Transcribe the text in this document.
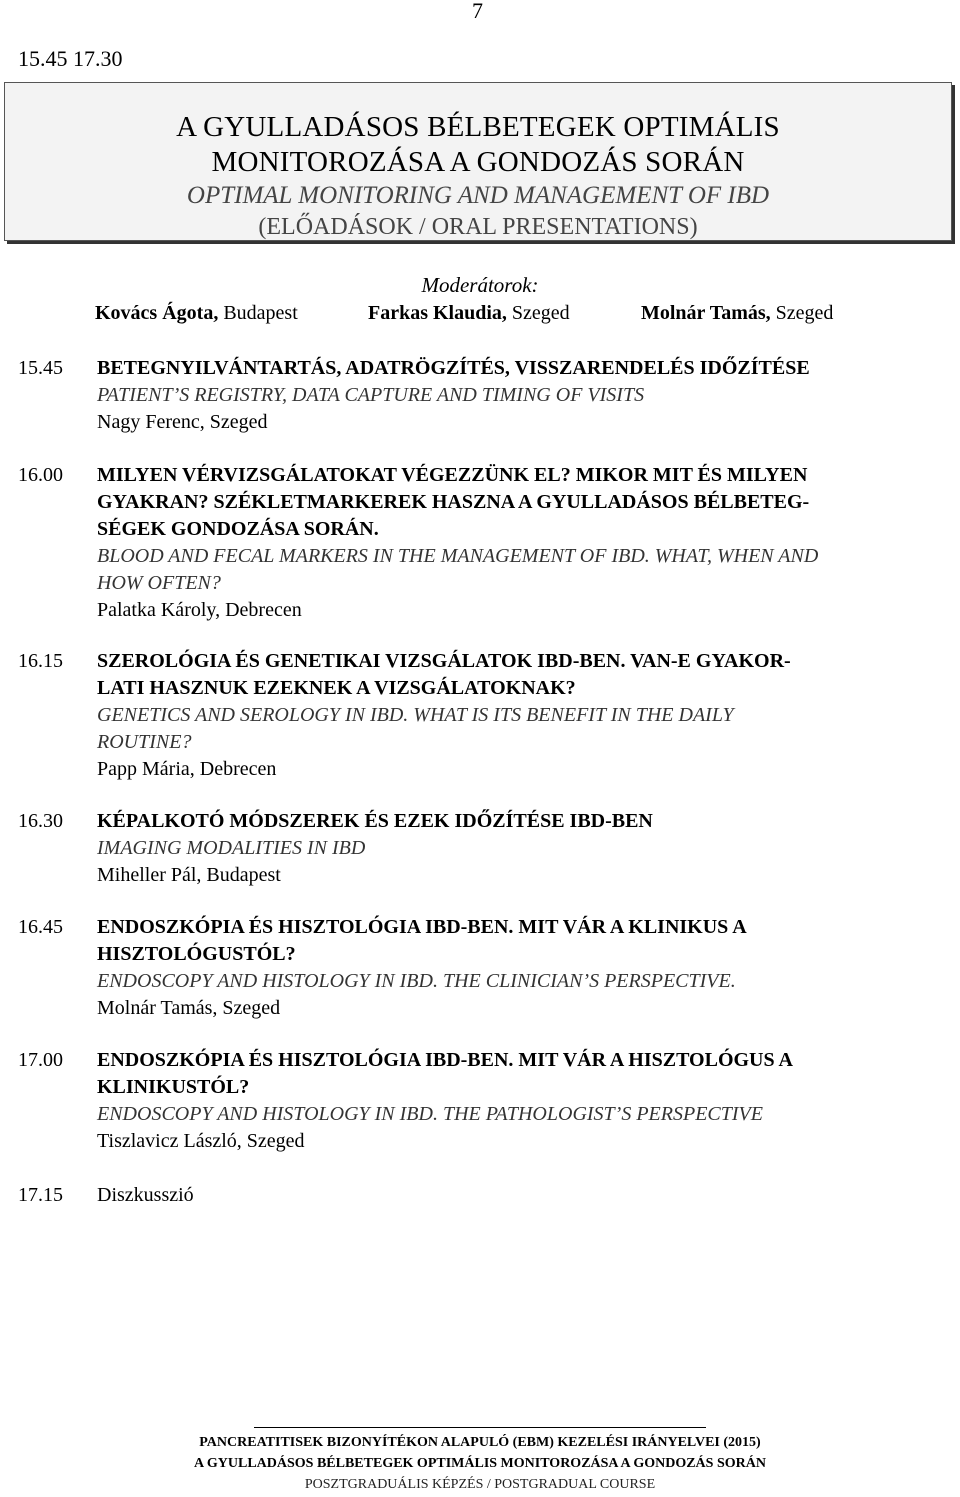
7
15.45 17.30
A GYULLADÁSOS BÉLBETEGEK OPTIMÁLIS
MONITOROZÁSA A GONDOZÁS SORÁN
OPTIMAL MONITORING AND MANAGEMENT OF IBD
(ELŐADÁSOK / ORAL PRESENTATIONS)
Moderátorok:
Kovács Ágota, Budapest	Farkas Klaudia, Szeged	Molnár Tamás, Szeged
15.45 BETEGNYILVÁNTARTÁS, ADATRÖGZÍTÉS, VISSZARENDELÉS IDŐZÍTÉSE
PATIENT’S REGISTRY, DATA CAPTURE AND TIMING OF VISITS
Nagy Ferenc, Szeged
16.00 MILYEN VÉRVIZSGÁLATOKAT VÉGEZZÜNK EL? MIKOR MIT ÉS MILYEN
GYAKRAN? SZÉKLETMARKEREK HASZNA A GYULLADÁSOS BÉLBETEG-
SÉGEK GONDOZÁSA SORÁN.
BLOOD AND FECAL MARKERS IN THE MANAGEMENT OF IBD. WHAT, WHEN AND
HOW OFTEN?
Palatka Károly, Debrecen
16.15 SZEROLÓGIA ÉS GENETIKAI VIZSGÁLATOK IBD-BEN. VAN-E GYAKOR-
LATI HASZNUK EZEKNEK A VIZSGÁLATOKNAK?
GENETICS AND SEROLOGY IN IBD. WHAT IS ITS BENEFIT IN THE DAILY
ROUTINE?
Papp Mária, Debrecen
16.30 KÉPALKOTÓ MÓDSZEREK ÉS EZEK IDŐZÍTÉSE IBD-BEN
IMAGING MODALITIES IN IBD
Miheller Pál, Budapest
16.45 ENDOSZKÓPIA ÉS HISZTOLÓGIA IBD-BEN. MIT VÁR A KLINIKUS A
HISZTOLÓGUSTÓL?
ENDOSCOPY AND HISTOLOGY IN IBD. THE CLINICIAN’S PERSPECTIVE.
Molnár Tamás, Szeged
17.00 ENDOSZKÓPIA ÉS HISZTOLÓGIA IBD-BEN. MIT VÁR A HISZTOLÓGUS A
KLINIKUSTÓL?
ENDOSCOPY AND HISTOLOGY IN IBD. THE PATHOLOGIST’S PERSPECTIVE
Tiszlavicz László, Szeged
17.15 Diszkusszió
PANCREATITISEK BIZONYÍTÉKON ALAPULÓ (EBM) KEZELÉSI IRÁNYELVEI (2015)
A GYULLADÁSOS BÉLBETEGEK OPTIMÁLIS MONITOROZÁSA A GONDOZÁS SORÁN
POSZTGRADUÁLIS KÉPZÉS / POSTGRADUAL COURSE
